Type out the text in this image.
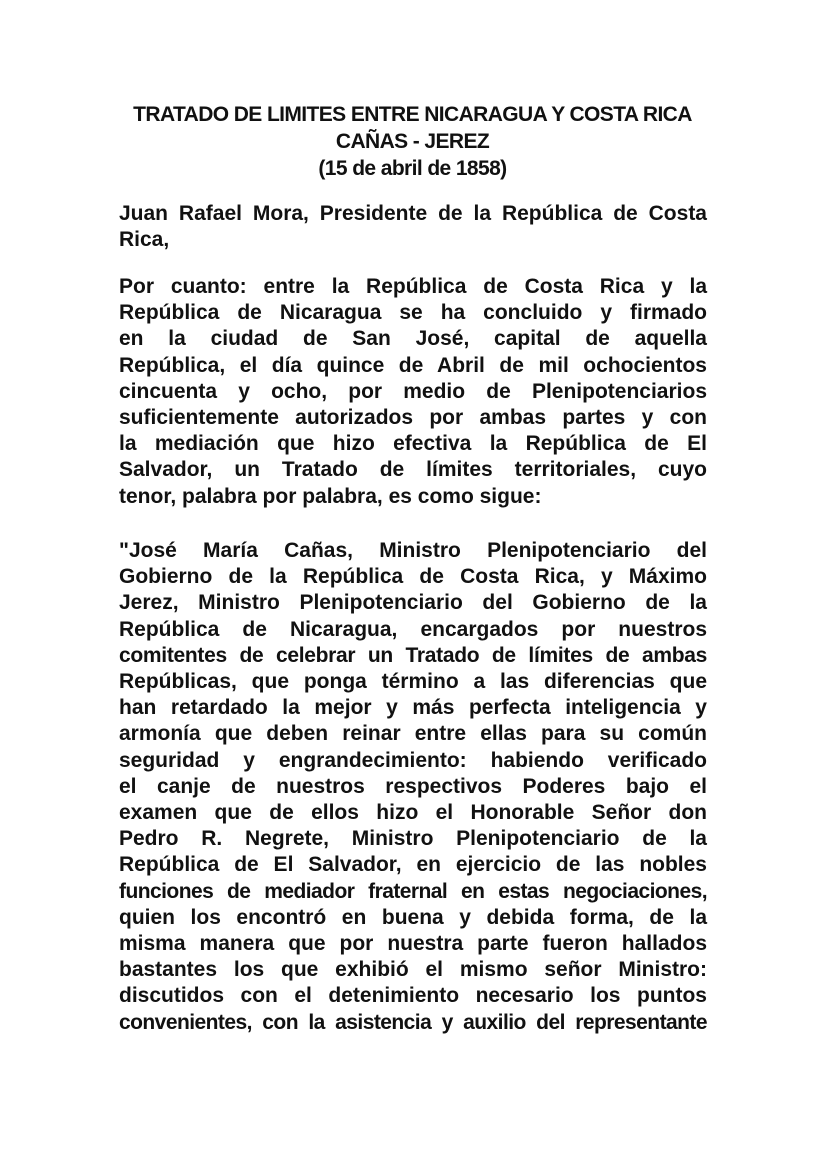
TRATADO DE LIMITES ENTRE NICARAGUA Y COSTA RICA
CAÑAS - JEREZ
(15 de abril de 1858)
Juan Rafael Mora, Presidente de la República de Costa
Rica,
Por cuanto: entre la República de Costa Rica y la
República de Nicaragua se ha concluido y firmado
en la ciudad de San José, capital de aquella
República, el día quince de Abril de mil ochocientos
cincuenta y ocho, por medio de Plenipotenciarios
suficientemente autorizados por ambas partes y con
la mediación que hizo efectiva la República de El
Salvador, un Tratado de límites territoriales, cuyo
tenor, palabra por palabra, es como sigue:
"José María Cañas, Ministro Plenipotenciario del
Gobierno de la República de Costa Rica, y Máximo
Jerez, Ministro Plenipotenciario del Gobierno de la
República de Nicaragua, encargados por nuestros
comitentes de celebrar un Tratado de límites de ambas
Repúblicas, que ponga término a las diferencias que
han retardado la mejor y más perfecta inteligencia y
armonía que deben reinar entre ellas para su común
seguridad y engrandecimiento: habiendo verificado
el canje de nuestros respectivos Poderes bajo el
examen que de ellos hizo el Honorable Señor don
Pedro R. Negrete, Ministro Plenipotenciario de la
República de El Salvador, en ejercicio de las nobles
funciones de mediador fraternal en estas negociaciones,
quien los encontró en buena y debida forma, de la
misma manera que por nuestra parte fueron hallados
bastantes los que exhibió el mismo señor Ministro:
discutidos con el detenimiento necesario los puntos
convenientes, con la asistencia y auxilio del representante
